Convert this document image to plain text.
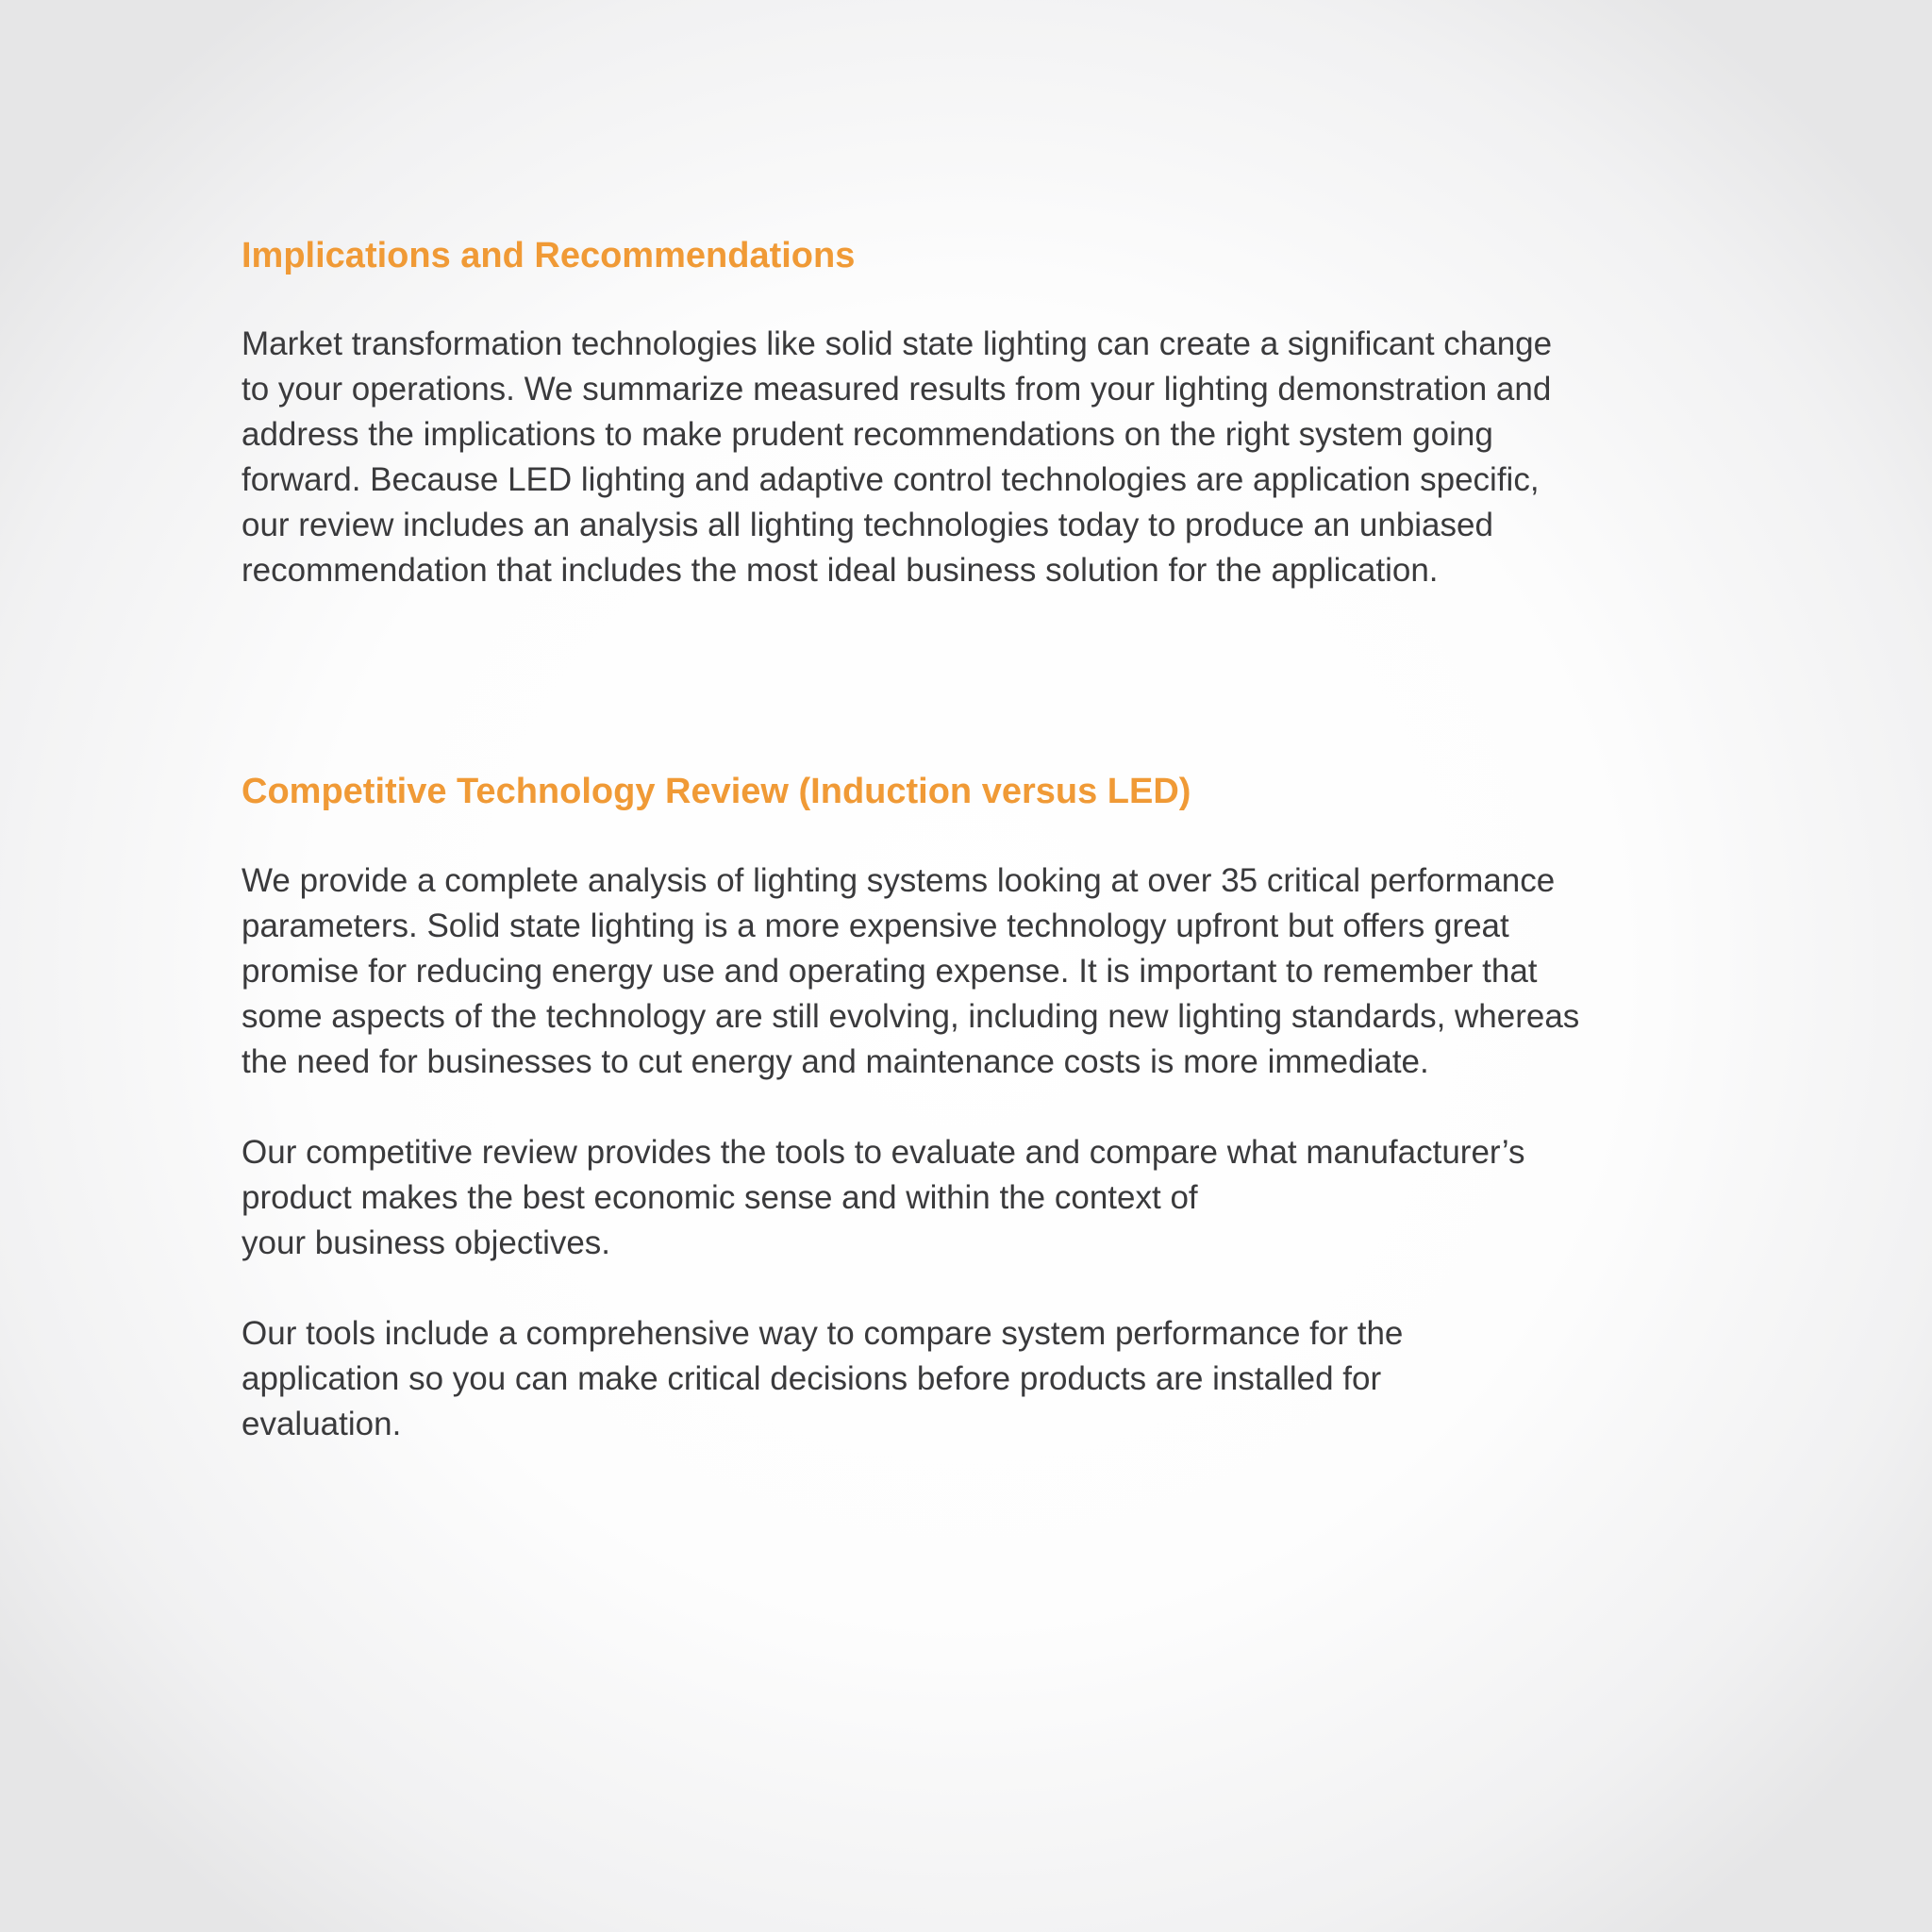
Implications and Recommendations

Market transformation technologies like solid state lighting can create a significant change
to your operations. We summarize measured results from your lighting demonstration and
address the implications to make prudent recommendations on the right system going
forward. Because LED lighting and adaptive control technologies are application specific,
our review includes an analysis all lighting technologies today to produce an unbiased
recommendation that includes the most ideal business solution for the application.

Competitive Technology Review (Induction versus LED)

We provide a complete analysis of lighting systems looking at over 35 critical performance
parameters. Solid state lighting is a more expensive technology upfront but offers great
promise for reducing energy use and operating expense. It is important to remember that
some aspects of the technology are still evolving, including new lighting standards, whereas
the need for businesses to cut energy and maintenance costs is more immediate.

Our competitive review provides the tools to evaluate and compare what manufacturer’s
product makes the best economic sense and within the context of
your business objectives.

Our tools include a comprehensive way to compare system performance for the
application so you can make critical decisions before products are installed for
evaluation.
